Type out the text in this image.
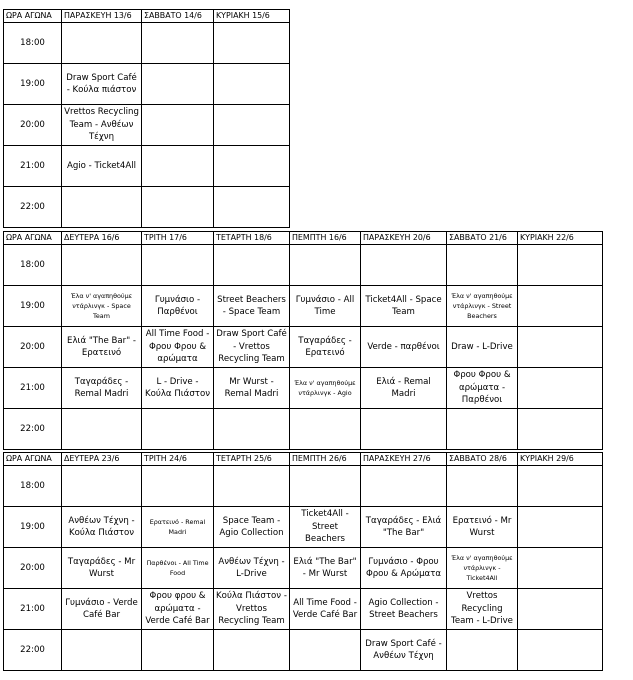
ΩΡΑ ΑΓΩΝΑ	ΠΑΡΑΣΚΕΥΗ 13/6	ΣΑΒΒΑΤΟ 14/6	ΚΥΡΙΑΚΗ 15/6
18:00			
19:00	Draw Sport Café - Κούλα πιάστον		
20:00	Vrettos Recycling Team - Ανθέων Τέχνη		
21:00	Agio - Ticket4All		
22:00			
ΩΡΑ ΑΓΩΝΑ	ΔΕΥΤΕΡΑ 16/6	ΤΡΙΤΗ 17/6	ΤΕΤΑΡΤΗ 18/6	ΠΕΜΠΤΗ 16/6	ΠΑΡΑΣΚΕΥΗ 20/6	ΣΑΒΒΑΤΟ 21/6	ΚΥΡΙΑΚΗ 22/6
18:00							
19:00	Έλα ν' αγαπηθούμε ντάρλινγκ - Space Team	Γυμνάσιο - Παρθένοι	Street Beachers - Space Team	Γυμνάσιο - All Time	Ticket4All - Space Team	Έλα ν' αγαπηθούμε ντάρλινγκ - Street Beachers	
20:00	Ελιά "The Bar" - Ερατεινό	All Time Food - Φρου Φρου & αρώματα	Draw Sport Café - Vrettos Recycling Team	Ταγαράδες - Ερατεινό	Verde - παρθένοι	Draw - L-Drive	
21:00	Ταγαράδες - Remal Madri	L - Drive - Κούλα Πιάστον	Mr Wurst - Remal Madri	Έλα ν' αγαπηθούμε ντάρλινγκ - Agio	Ελιά - Remal Madri	Φρου Φρου & αρώματα - Παρθένοι	
22:00							
ΩΡΑ ΑΓΩΝΑ	ΔΕΥΤΕΡΑ 23/6	ΤΡΙΤΗ 24/6	ΤΕΤΑΡΤΗ 25/6	ΠΕΜΠΤΗ 26/6	ΠΑΡΑΣΚΕΥΗ 27/6	ΣΑΒΒΑΤΟ 28/6	ΚΥΡΙΑΚΗ 29/6
18:00							
19:00	Ανθέων Τέχνη - Κούλα Πιάστον	Ερατεινό - Remal Madri	Space Team - Agio Collection	Ticket4All - Street Beachers	Ταγαράδες - Ελιά "The Bar"	Ερατεινό - Mr Wurst	
20:00	Ταγαράδες - Mr Wurst	Παρθένοι - All Time Food	Ανθέων Τέχνη - L-Drive	Ελιά "The Bar" - Mr Wurst	Γυμνάσιο - Φρου Φρου & Αρώματα	Έλα ν' αγαπηθούμε ντάρλινγκ - Ticket4All	
21:00	Γυμνάσιο - Verde Café Bar	Φρου φρου & αρώματα - Verde Café Bar	Κούλα Πιάστον - Vrettos Recycling Team	All Time Food - Verde Café Bar	Agio Collection - Street Beachers	Vrettos Recycling Team - L-Drive	
22:00					Draw Sport Café - Ανθέων Τέχνη		
